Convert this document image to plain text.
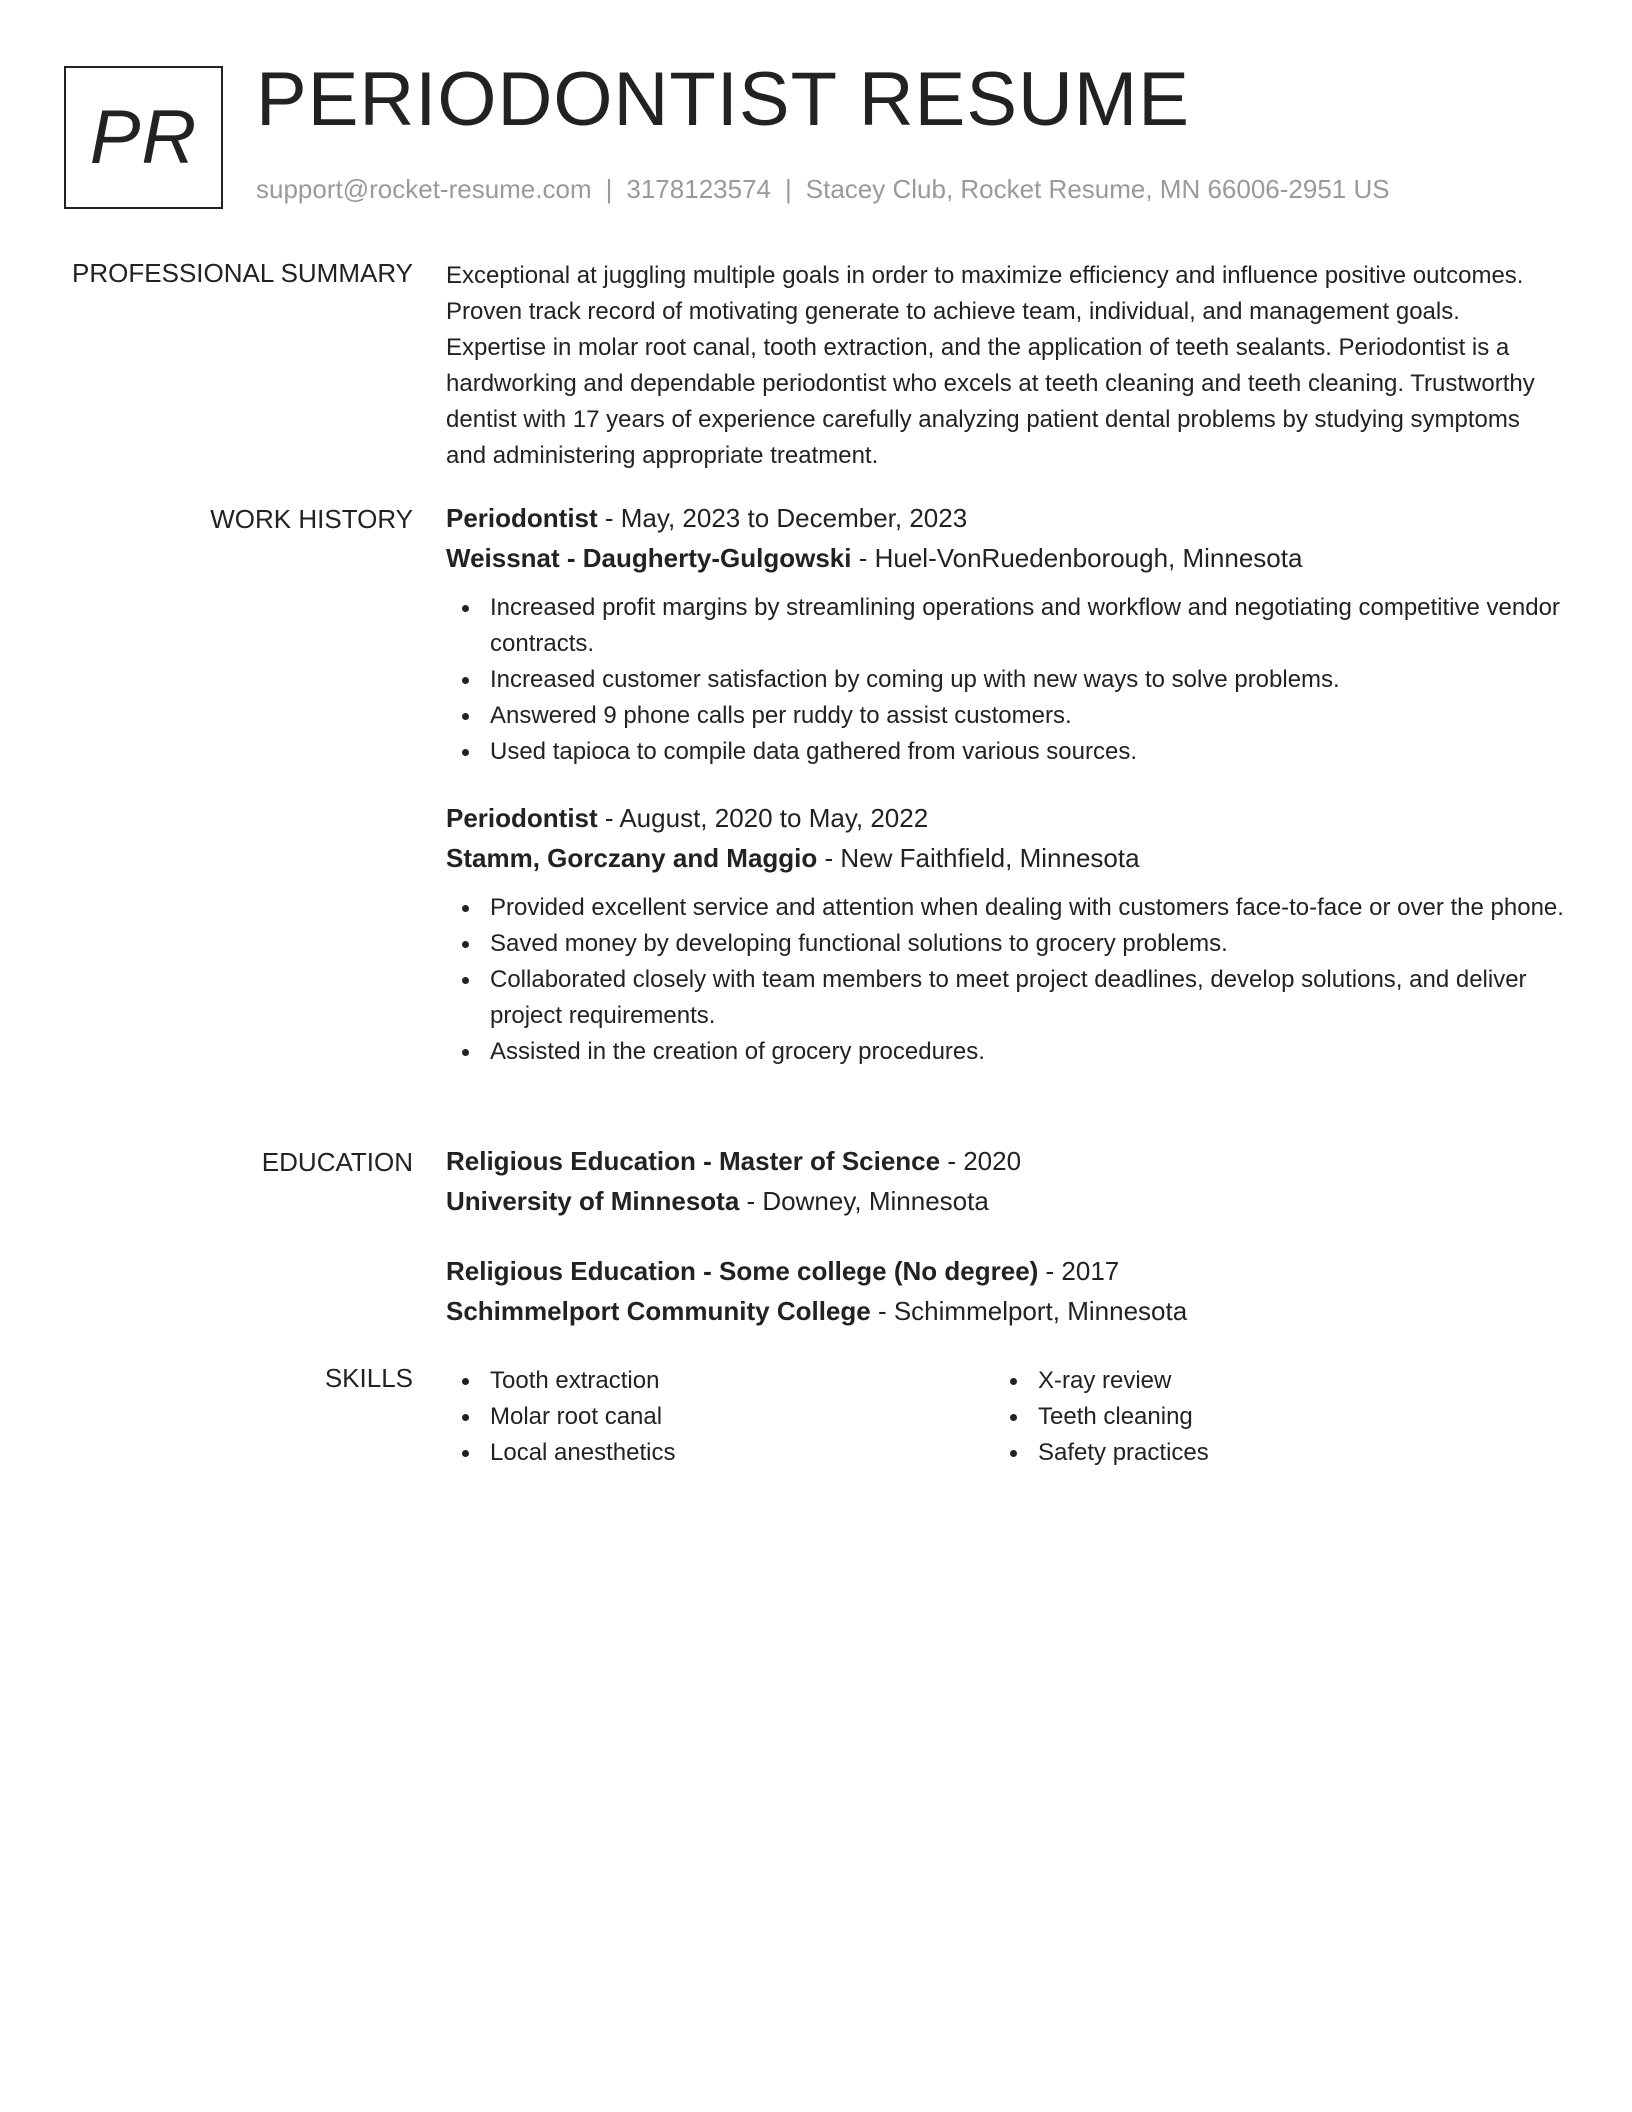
PR PERIODONTIST RESUME
support@rocket-resume.com | 3178123574 | Stacey Club, Rocket Resume, MN 66006-2951 US
PROFESSIONAL SUMMARY Exceptional at juggling multiple goals in order to maximize efficiency and influence positive outcomes. Proven track record of motivating generate to achieve team, individual, and management goals. Expertise in molar root canal, tooth extraction, and the application of teeth sealants. Periodontist is a hardworking and dependable periodontist who excels at teeth cleaning and teeth cleaning. Trustworthy dentist with 17 years of experience carefully analyzing patient dental problems by studying symptoms and administering appropriate treatment.
WORK HISTORY Periodontist - May, 2023 to December, 2023
Weissnat - Daugherty-Gulgowski - Huel-VonRuedenborough, Minnesota
Increased profit margins by streamlining operations and workflow and negotiating competitive vendor contracts.
Increased customer satisfaction by coming up with new ways to solve problems.
Answered 9 phone calls per ruddy to assist customers.
Used tapioca to compile data gathered from various sources.
Periodontist - August, 2020 to May, 2022
Stamm, Gorczany and Maggio - New Faithfield, Minnesota
Provided excellent service and attention when dealing with customers face-to-face or over the phone.
Saved money by developing functional solutions to grocery problems.
Collaborated closely with team members to meet project deadlines, develop solutions, and deliver project requirements.
Assisted in the creation of grocery procedures.
EDUCATION Religious Education - Master of Science - 2020
University of Minnesota - Downey, Minnesota
Religious Education - Some college (No degree) - 2017
Schimmelport Community College - Schimmelport, Minnesota
SKILLS	Tooth extraction
Molar root canal
Local anesthetics
X-ray review
Teeth cleaning
Safety practices
